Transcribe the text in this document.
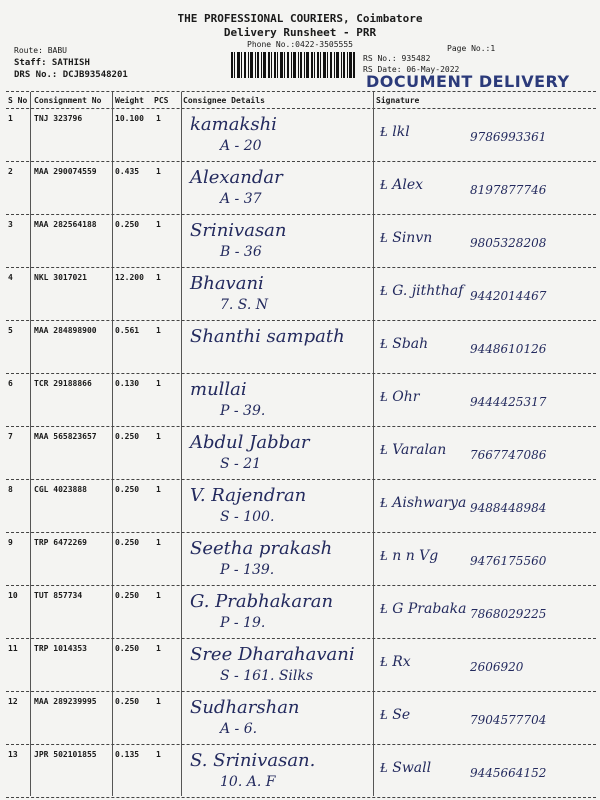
THE PROFESSIONAL COURIERS, Coimbatore
Delivery Runsheet - PRR
Phone No.:0422-3505555	Page No.:1
Route: BABU
Staff: SATHISH
DRS No.: DCJB93548201
RS No.: 935482
RS Date: 06-May-2022
DOCUMENT DELIVERY
S No Consignment No Weight PCS Consignee Details	Signature
1	TNJ 323796	10.100 1 kamakshi
A - 20
Ɫ lkl	9786993361
2	MAA 290074559 0.435 1 Alexandar
A - 37
Ɫ Alex	8197877746
3	MAA 282564188 0.250 1 Srinivasan
B - 36
Ɫ Sinvn	9805328208
4	NKL 3017021	12.200 1 Bhavani
7. S. N
Ɫ G. jiththaf 9442014467
5	MAA 284898900 0.561 1 Shanthi sampath	Ɫ Sbah	9448610126
6	TCR 29188866	0.130 1 mullai
P - 39.
Ɫ Ohr	9444425317
7	MAA 565823657 0.250 1 Abdul Jabbar
S - 21
Ɫ Varalan 7667747086
8	CGL 4023888	0.250 1 V. Rajendran
S - 100.
Ɫ Aishwarya 9488448984
9	TRP 6472269	0.250 1 Seetha prakash
P - 139.
Ɫ n n Vg	9476175560
10 TUT 857734	0.250 1 G. Prabhakaran
P - 19.
Ɫ G Prabaka 7868029225
11 TRP 1014353	0.250 1 Sree Dharahavani
S - 161. Silks
Ɫ Rx	2606920
12 MAA 289239995 0.250 1 Sudharshan
A - 6.
Ɫ Se	7904577704
13 JPR 502101855 0.135 1 S. Srinivasan.
10. A. F
Ɫ Swall	9445664152
